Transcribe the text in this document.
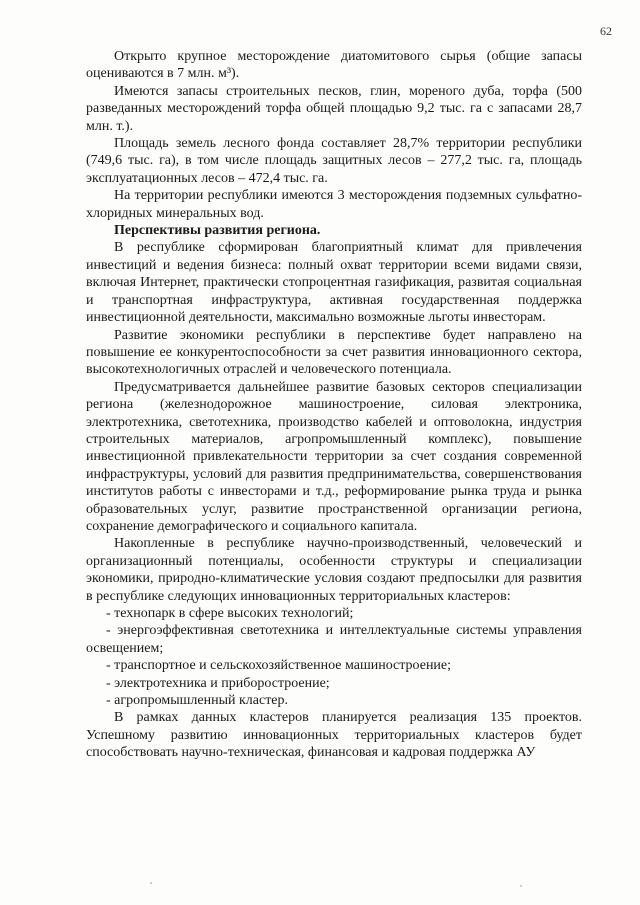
62

Открыто крупное месторождение диатомитового сырья (общие запасы оцениваются в 7 млн. м³).

Имеются запасы строительных песков, глин, мореного дуба, торфа (500 разведанных месторождений торфа общей площадью 9,2 тыс. га с запасами 28,7 млн. т.).

Площадь земель лесного фонда составляет 28,7% территории республики (749,6 тыс. га), в том числе площадь защитных лесов – 277,2 тыс. га, площадь эксплуатационных лесов – 472,4 тыс. га.

На территории республики имеются 3 месторождения подземных сульфатно-хлоридных минеральных вод.

Перспективы развития региона.

В республике сформирован благоприятный климат для привлечения инвестиций и ведения бизнеса: полный охват территории всеми видами связи, включая Интернет, практически стопроцентная газификация, развитая социальная и транспортная инфраструктура, активная государственная поддержка инвестиционной деятельности, максимально возможные льготы инвесторам.

Развитие экономики республики в перспективе будет направлено на повышение ее конкурентоспособности за счет развития инновационного сектора, высокотехнологичных отраслей и человеческого потенциала.

Предусматривается дальнейшее развитие базовых секторов специализации региона (железнодорожное машиностроение, силовая электроника, электротехника, светотехника, производство кабелей и оптоволокна, индустрия строительных материалов, агропромышленный комплекс), повышение инвестиционной привлекательности территории за счет создания современной инфраструктуры, условий для развития предпринимательства, совершенствования институтов работы с инвесторами и т.д., реформирование рынка труда и рынка образовательных услуг, развитие пространственной организации региона, сохранение демографического и социального капитала.

Накопленные в республике научно-производственный, человеческий и организационный потенциалы, особенности структуры и специализации экономики, природно-климатические условия создают предпосылки для развития в республике следующих инновационных территориальных кластеров:

- технопарк в сфере высоких технологий;

- энергоэффективная светотехника и интеллектуальные системы управления освещением;

- транспортное и сельскохозяйственное машиностроение;

- электротехника и приборостроение;

- агропромышленный кластер.

В рамках данных кластеров планируется реализация 135 проектов. Успешному развитию инновационных территориальных кластеров будет способствовать научно-техническая, финансовая и кадровая поддержка АУ
